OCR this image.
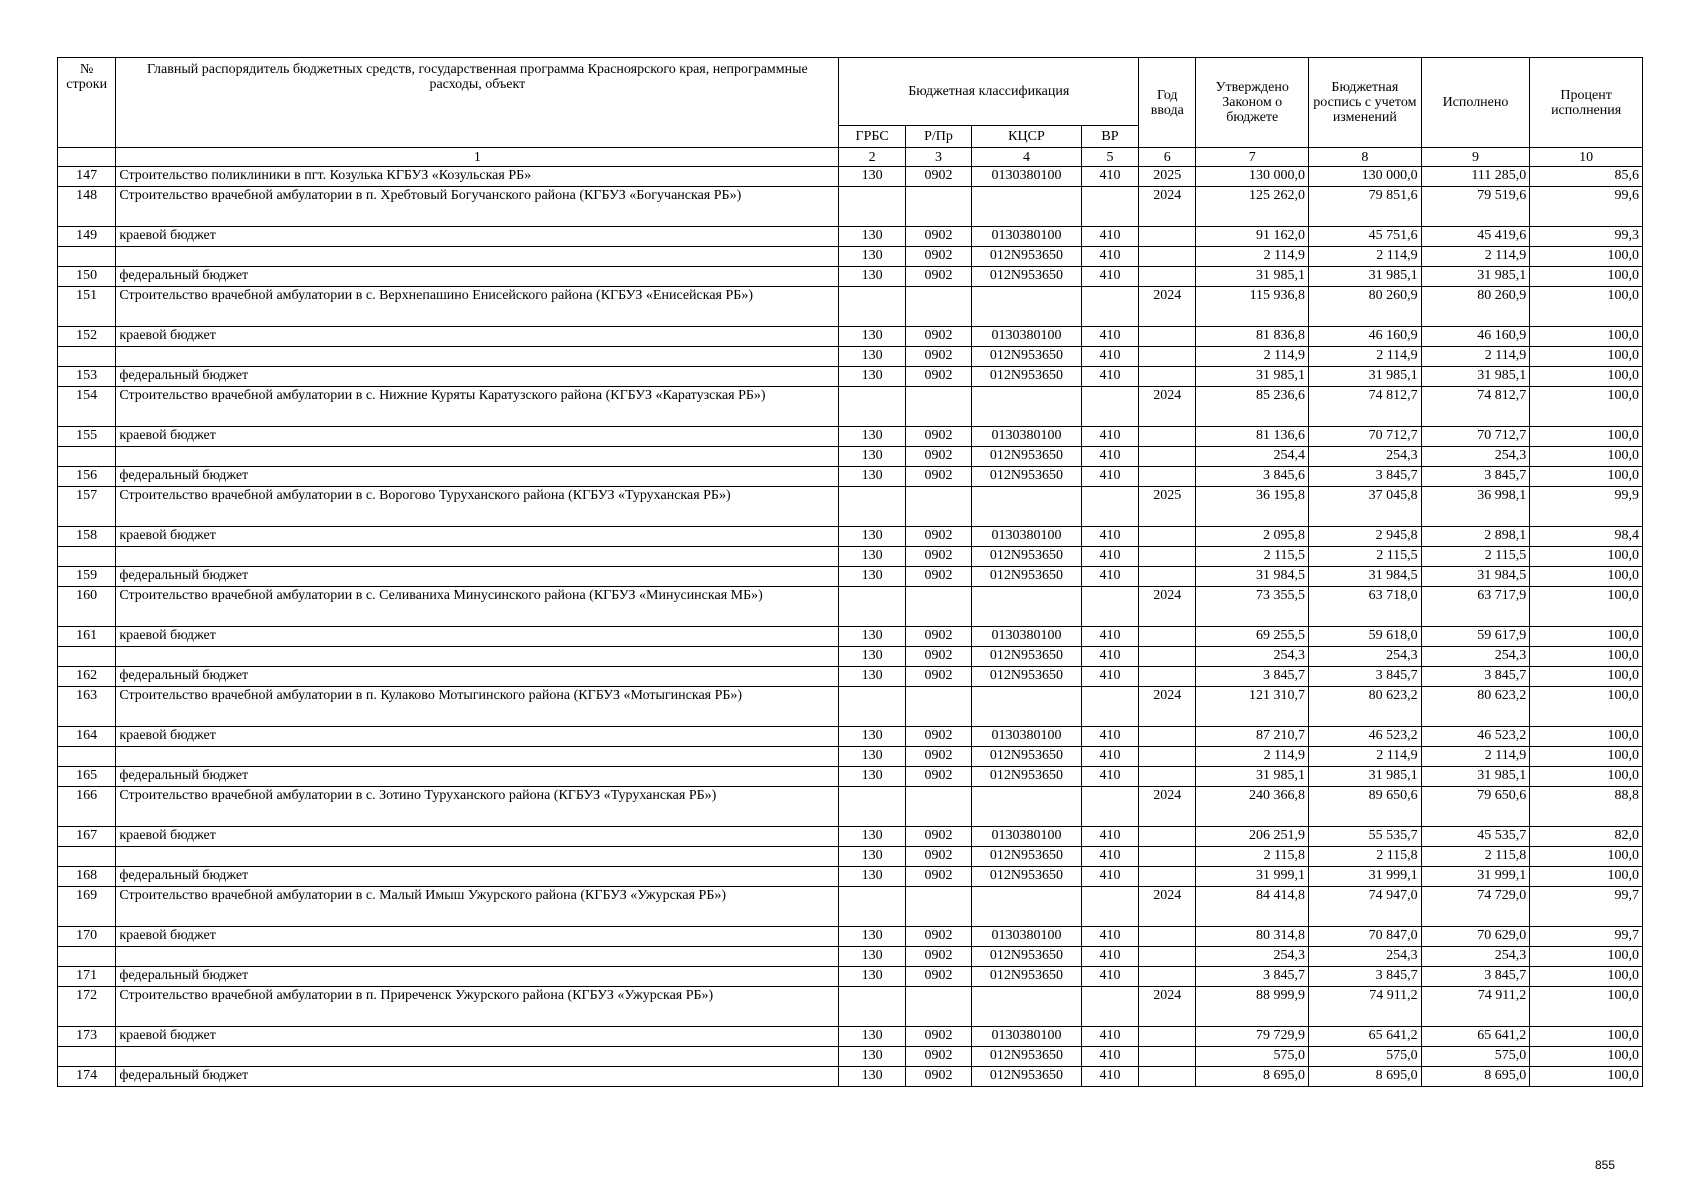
№ строки	Главный распорядитель бюджетных средств, государственная программа Красноярского края, непрограммные расходы, объект	Бюджетная классификация				Год ввода	Утверждено Законом о бюджете	Бюджетная роспись с учетом изменений	Исполнено	Процент исполнения
		ГРБС	Р/Пр	КЦСР	ВР					
	1	2	3	4	5	6	7	8	9	10
147	Строительство поликлиники в пгт. Козулька КГБУЗ «Козульская РБ»	130	0902	0130380100	410	2025	130 000,0	130 000,0	111 285,0	85,6
148	Строительство врачебной амбулатории в п. Хребтовый Богучанского района (КГБУЗ «Богучанская РБ»)					2024	125 262,0	79 851,6	79 519,6	99,6
149	краевой бюджет	130	0902	0130380100	410		91 162,0	45 751,6	45 419,6	99,3
		130	0902	012N953650	410		2 114,9	2 114,9	2 114,9	100,0
150	федеральный бюджет	130	0902	012N953650	410		31 985,1	31 985,1	31 985,1	100,0
151	Строительство врачебной амбулатории в с. Верхнепашино Енисейского района (КГБУЗ «Енисейская РБ»)					2024	115 936,8	80 260,9	80 260,9	100,0
152	краевой бюджет	130	0902	0130380100	410		81 836,8	46 160,9	46 160,9	100,0
		130	0902	012N953650	410		2 114,9	2 114,9	2 114,9	100,0
153	федеральный бюджет	130	0902	012N953650	410		31 985,1	31 985,1	31 985,1	100,0
154	Строительство врачебной амбулатории в с. Нижние Куряты Каратузского района (КГБУЗ «Каратузская РБ»)					2024	85 236,6	74 812,7	74 812,7	100,0
155	краевой бюджет	130	0902	0130380100	410		81 136,6	70 712,7	70 712,7	100,0
		130	0902	012N953650	410		254,4	254,3	254,3	100,0
156	федеральный бюджет	130	0902	012N953650	410		3 845,6	3 845,7	3 845,7	100,0
157	Строительство врачебной амбулатории в с. Ворогово Туруханского района (КГБУЗ «Туруханская РБ»)					2025	36 195,8	37 045,8	36 998,1	99,9
158	краевой бюджет	130	0902	0130380100	410		2 095,8	2 945,8	2 898,1	98,4
		130	0902	012N953650	410		2 115,5	2 115,5	2 115,5	100,0
159	федеральный бюджет	130	0902	012N953650	410		31 984,5	31 984,5	31 984,5	100,0
160	Строительство врачебной амбулатории в с. Селиваниха Минусинского района (КГБУЗ «Минусинская МБ»)					2024	73 355,5	63 718,0	63 717,9	100,0
161	краевой бюджет	130	0902	0130380100	410		69 255,5	59 618,0	59 617,9	100,0
		130	0902	012N953650	410		254,3	254,3	254,3	100,0
162	федеральный бюджет	130	0902	012N953650	410		3 845,7	3 845,7	3 845,7	100,0
163	Строительство врачебной амбулатории в п. Кулаково Мотыгинского района (КГБУЗ «Мотыгинская РБ»)					2024	121 310,7	80 623,2	80 623,2	100,0
164	краевой бюджет	130	0902	0130380100	410		87 210,7	46 523,2	46 523,2	100,0
		130	0902	012N953650	410		2 114,9	2 114,9	2 114,9	100,0
165	федеральный бюджет	130	0902	012N953650	410		31 985,1	31 985,1	31 985,1	100,0
166	Строительство врачебной амбулатории в с. Зотино Туруханского района (КГБУЗ «Туруханская РБ»)					2024	240 366,8	89 650,6	79 650,6	88,8
167	краевой бюджет	130	0902	0130380100	410		206 251,9	55 535,7	45 535,7	82,0
		130	0902	012N953650	410		2 115,8	2 115,8	2 115,8	100,0
168	федеральный бюджет	130	0902	012N953650	410		31 999,1	31 999,1	31 999,1	100,0
169	Строительство врачебной амбулатории в с. Малый Имыш Ужурского района (КГБУЗ «Ужурская РБ»)					2024	84 414,8	74 947,0	74 729,0	99,7
170	краевой бюджет	130	0902	0130380100	410		80 314,8	70 847,0	70 629,0	99,7
		130	0902	012N953650	410		254,3	254,3	254,3	100,0
171	федеральный бюджет	130	0902	012N953650	410		3 845,7	3 845,7	3 845,7	100,0
172	Строительство врачебной амбулатории в п. Приреченск Ужурского района (КГБУЗ «Ужурская РБ»)					2024	88 999,9	74 911,2	74 911,2	100,0
173	краевой бюджет	130	0902	0130380100	410		79 729,9	65 641,2	65 641,2	100,0
		130	0902	012N953650	410		575,0	575,0	575,0	100,0
174	федеральный бюджет	130	0902	012N953650	410		8 695,0	8 695,0	8 695,0	100,0
855
